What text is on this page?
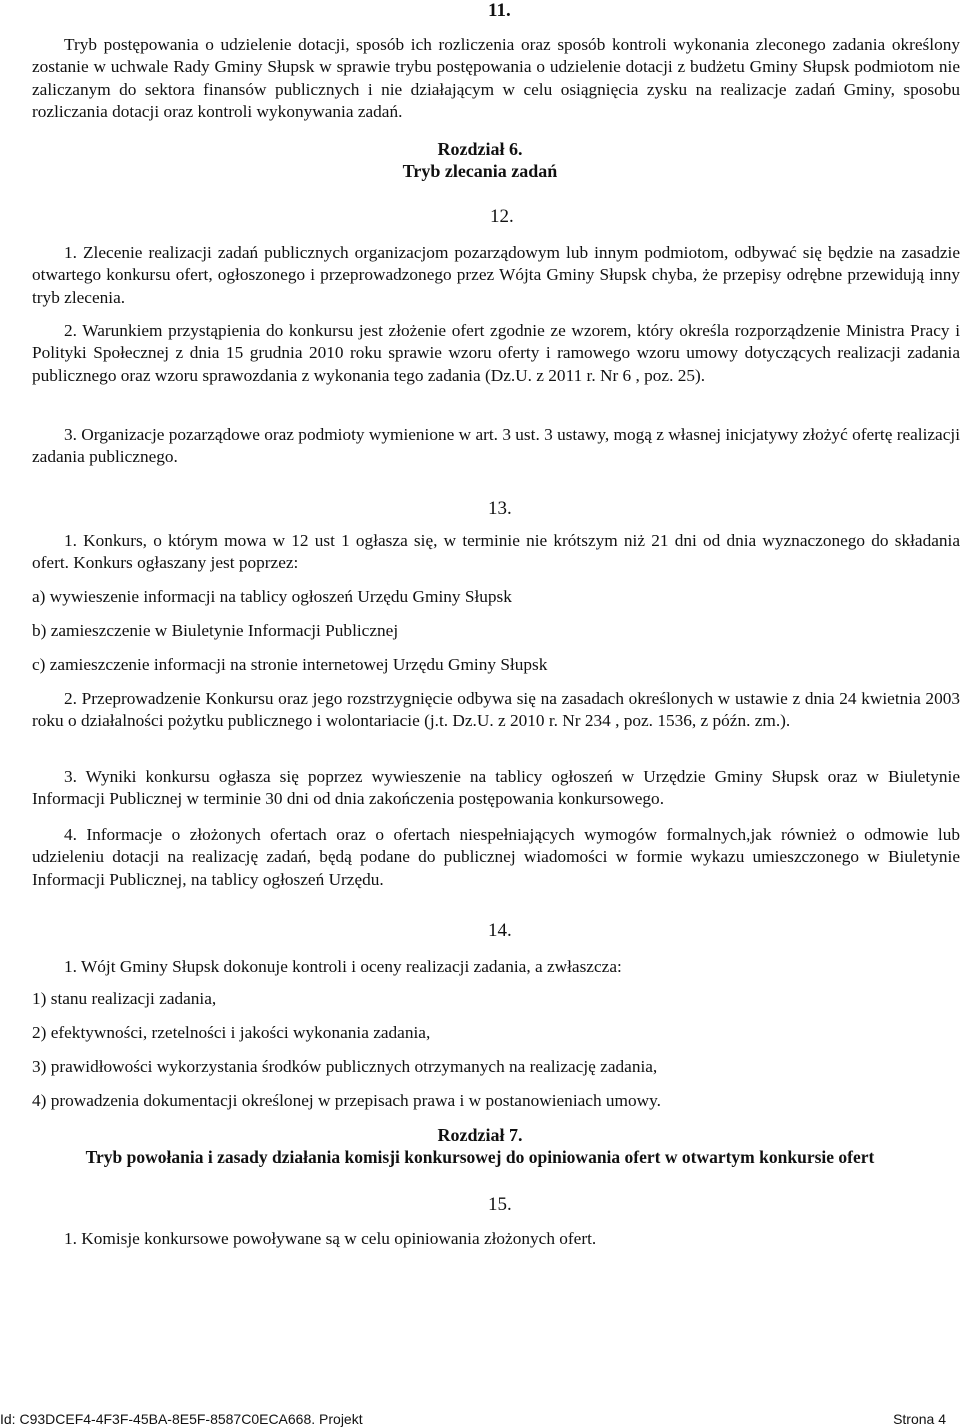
11.
Tryb postępowania o udzielenie dotacji, sposób ich rozliczenia oraz sposób kontroli wykonania zleconego zadania określony zostanie w uchwale Rady Gminy Słupsk w sprawie trybu postępowania o udzielenie dotacji z budżetu Gminy Słupsk podmiotom nie zaliczanym do sektora finansów publicznych i nie działającym w celu osiągnięcia zysku na realizacje zadań Gminy, sposobu rozliczania dotacji oraz kontroli wykonywania zadań.
Rozdział 6.
Tryb zlecania zadań
12.
1. Zlecenie realizacji zadań publicznych organizacjom pozarządowym lub innym podmiotom, odbywać się będzie na zasadzie otwartego konkursu ofert, ogłoszonego i przeprowadzonego przez Wójta Gminy Słupsk chyba, że przepisy odrębne przewidują inny tryb zlecenia.
2. Warunkiem przystąpienia do konkursu jest złożenie ofert zgodnie ze wzorem, który określa rozporządzenie Ministra Pracy i Polityki Społecznej z dnia 15 grudnia 2010 roku sprawie wzoru oferty i ramowego wzoru umowy dotyczących realizacji zadania publicznego oraz wzoru sprawozdania z wykonania tego zadania (Dz.U. z 2011 r. Nr 6 , poz. 25).
3. Organizacje pozarządowe oraz podmioty wymienione w art. 3 ust. 3 ustawy, mogą z własnej inicjatywy złożyć ofertę realizacji zadania publicznego.
13.
1. Konkurs, o którym mowa w 12 ust 1 ogłasza się, w terminie nie krótszym niż 21 dni od dnia wyznaczonego do składania ofert. Konkurs ogłaszany jest poprzez:
a) wywieszenie informacji na tablicy ogłoszeń Urzędu Gminy Słupsk
b) zamieszczenie w Biuletynie Informacji Publicznej
c) zamieszczenie informacji na stronie internetowej Urzędu Gminy Słupsk
2. Przeprowadzenie Konkursu oraz jego rozstrzygnięcie odbywa się na zasadach określonych w ustawie z dnia 24 kwietnia 2003 roku o działalności pożytku publicznego i wolontariacie (j.t. Dz.U. z 2010 r. Nr 234 , poz. 1536, z późn. zm.).
3. Wyniki konkursu ogłasza się poprzez wywieszenie na tablicy ogłoszeń w Urzędzie Gminy Słupsk oraz w Biuletynie Informacji Publicznej w terminie 30 dni od dnia zakończenia postępowania konkursowego.
4. Informacje o złożonych ofertach oraz o ofertach niespełniających wymogów formalnych,jak również o odmowie lub udzieleniu dotacji na realizację zadań, będą podane do publicznej wiadomości w formie wykazu umieszczonego w Biuletynie Informacji Publicznej, na tablicy ogłoszeń Urzędu.
14.
1. Wójt Gminy Słupsk dokonuje kontroli i oceny realizacji zadania, a zwłaszcza:
1) stanu realizacji zadania,
2) efektywności, rzetelności i jakości wykonania zadania,
3) prawidłowości wykorzystania środków publicznych otrzymanych na realizację zadania,
4) prowadzenia dokumentacji określonej w przepisach prawa i w postanowieniach umowy.
Rozdział 7.
Tryb powołania i zasady działania komisji konkursowej do opiniowania ofert w otwartym konkursie ofert
15.
1. Komisje konkursowe powoływane są w celu opiniowania złożonych ofert.
Id: C93DCEF4-4F3F-45BA-8E5F-8587C0ECA668. Projekt	Strona 4
